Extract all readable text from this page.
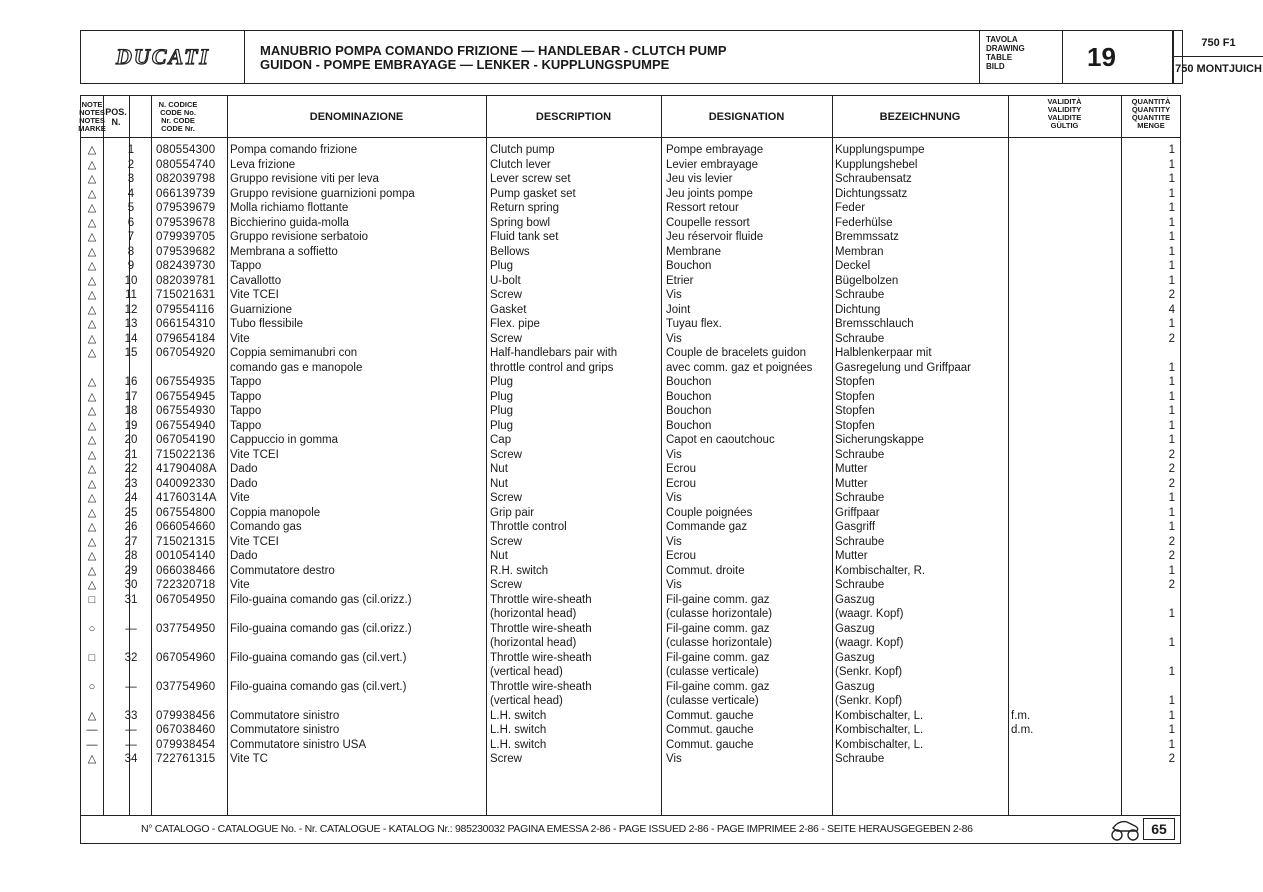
DUCATI	MANUBRIO POMPA COMANDO FRIZIONE — HANDLEBAR - CLUTCH PUMP
GUIDON - POMPE EMBRAYAGE — LENKER - KUPPLUNGSPUMPE
TAVOLA
DRAWING
TABLE
BILD	19	750 F1
750 MONTJUICH
NOTE
NOTES
NOTES
MARKE
POS.
N.
N. CODICE
CODE No.
Nr. CODE
CODE Nr.
DENOMINAZIONE	DESCRIPTION	DESIGNATION	BEZEICHNUNG
VALIDITÀ
VALIDITY
VALIDITE
GÜLTIG
QUANTITÀ
QUANTITY
QUANTITE
MENGE
△	1	080554300	Pompa comando frizione	Clutch pump	Pompe embrayage	Kupplungspumpe	1
△	2	080554740	Leva frizione	Clutch lever	Levier embrayage	Kupplungshebel	1
△	3	082039798	Gruppo revisione viti per leva	Lever screw set	Jeu vis levier	Schraubensatz	1
△	4	066139739	Gruppo revisione guarnizioni pompa	Pump gasket set	Jeu joints pompe	Dichtungssatz	1
△	5	079539679	Molla richiamo flottante	Return spring	Ressort retour	Feder	1
△	6	079539678	Bicchierino guida-molla	Spring bowl	Coupelle ressort	Federhülse	1
△	7	079939705	Gruppo revisione serbatoio	Fluid tank set	Jeu réservoir fluide	Bremmssatz	1
△	8	079539682	Membrana a soffietto	Bellows	Membrane	Membran	1
△	9	082439730	Tappo	Plug	Bouchon	Deckel	1
△	10	082039781	Cavallotto	U-bolt	Etrier	Bügelbolzen	1
△	11	715021631	Vite TCEI	Screw	Vis	Schraube	2
△	12	079554116	Guarnizione	Gasket	Joint	Dichtung	4
△	13	066154310	Tubo flessibile	Flex. pipe	Tuyau flex.	Bremsschlauch	1
△	14	079654184	Vite	Screw	Vis	Schraube	2
△	15	067054920	Coppia semimanubri con	Half-handlebars pair with	Couple de bracelets guidon	Halblenkerpaar mit
comando gas e manopole	throttle control and grips	avec comm. gaz et poignées	Gasregelung und Griffpaar	1
△	16	067554935	Tappo	Plug	Bouchon	Stopfen	1
△	17	067554945	Tappo	Plug	Bouchon	Stopfen	1
△	18	067554930	Tappo	Plug	Bouchon	Stopfen	1
△	19	067554940	Tappo	Plug	Bouchon	Stopfen	1
△	20	067054190	Cappuccio in gomma	Cap	Capot en caoutchouc	Sicherungskappe	1
△	21	715022136	Vite TCEI	Screw	Vis	Schraube	2
△	22	41790408A	Dado	Nut	Ecrou	Mutter	2
△	23	040092330	Dado	Nut	Ecrou	Mutter	2
△	24	41760314A	Vite	Screw	Vis	Schraube	1
△	25	067554800	Coppia manopole	Grip pair	Couple poignées	Griffpaar	1
△	26	066054660	Comando gas	Throttle control	Commande gaz	Gasgriff	1
△	27	715021315	Vite TCEI	Screw	Vis	Schraube	2
△	28	001054140	Dado	Nut	Ecrou	Mutter	2
△	29	066038466	Commutatore destro	R.H. switch	Commut. droite	Kombischalter, R.	1
△	30	722320718	Vite	Screw	Vis	Schraube	2
□	31	067054950	Filo-guaina comando gas (cil.orizz.)	Throttle wire-sheath	Fil-gaine comm. gaz	Gaszug
(horizontal head)	(culasse horizontale)	(waagr. Kopf)	1
○	—	037754950	Filo-guaina comando gas (cil.orizz.)	Throttle wire-sheath	Fil-gaine comm. gaz	Gaszug
(horizontal head)	(culasse horizontale)	(waagr. Kopf)	1
□	32	067054960	Filo-guaina comando gas (cil.vert.)	Throttle wire-sheath	Fil-gaine comm. gaz	Gaszug
(vertical head)	(culasse verticale)	(Senkr. Kopf)	1
○	—	037754960	Filo-guaina comando gas (cil.vert.)	Throttle wire-sheath	Fil-gaine comm. gaz	Gaszug
(vertical head)	(culasse verticale)	(Senkr. Kopf)	1
△	33	079938456	Commutatore sinistro	L.H. switch	Commut. gauche	Kombischalter, L.	f.m.	1
—	—	067038460	Commutatore sinistro	L.H. switch	Commut. gauche	Kombischalter, L.	d.m.	1
—	—	079938454	Commutatore sinistro USA	L.H. switch	Commut. gauche	Kombischalter, L.	1
△	34	722761315	Vite TC	Screw	Vis	Schraube	2
N° CATALOGO - CATALOGUE No. - Nr. CATALOGUE - KATALOG Nr.: 985230032 PAGINA EMESSA 2-86 - PAGE ISSUED 2-86 - PAGE IMPRIMEE 2-86 - SEITE HERAUSGEGEBEN 2-86	65
